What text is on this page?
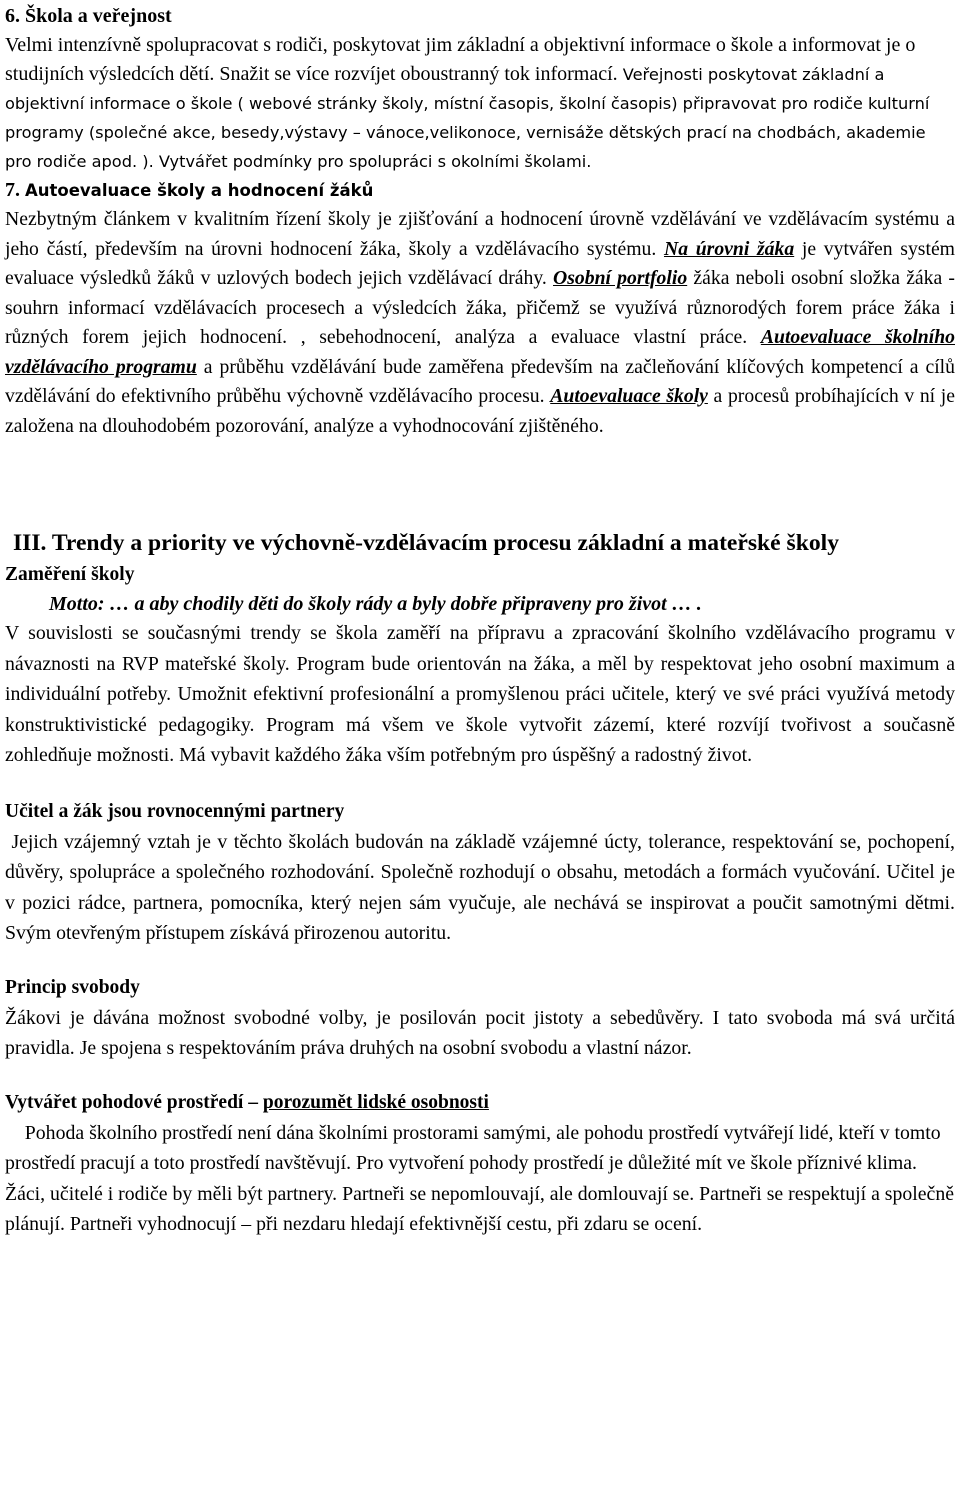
6. Škola a veřejnost

Velmi intenzívně spolupracovat s rodiči, poskytovat jim základní a objektivní informace o škole a informovat je o studijních výsledcích dětí. Snažit se více rozvíjet oboustranný tok informací. Veřejnosti poskytovat základní a objektivní informace o škole ( webové stránky školy, místní časopis, školní časopis) připravovat pro rodiče kulturní programy (společné akce, besedy,výstavy – vánoce,velikonoce, vernisáže dětských prací na chodbách, akademie pro rodiče apod. ). Vytvářet podmínky pro spolupráci s okolními školami.

7. Autoevaluace školy a hodnocení žáků

Nezbytným článkem v kvalitním řízení školy je zjišťování a hodnocení úrovně vzdělávání ve vzdělávacím systému a jeho částí, především na úrovni hodnocení žáka, školy a vzdělávacího systému. Na úrovni žáka je vytvářen systém evaluace výsledků žáků v uzlových bodech jejich vzdělávací dráhy. Osobní portfolio žáka neboli osobní složka žáka - souhrn informací vzdělávacích procesech a výsledcích žáka, přičemž se využívá různorodých forem práce žáka i různých forem jejich hodnocení. , sebehodnocení, analýza a evaluace vlastní práce. Autoevaluace školního vzdělávacího programu a průběhu vzdělávání bude zaměřena především na začleňování klíčových kompetencí a cílů vzdělávání do efektivního průběhu výchovně vzdělávacího procesu. Autoevaluace školy a procesů probíhajících v ní je založena na dlouhodobém pozorování, analýze a vyhodnocování zjištěného.

III. Trendy a priority ve výchovně-vzdělávacím procesu základní a mateřské školy
Zaměření školy

Motto: … a aby chodily děti do školy rády a byly dobře připraveny pro život … .

V souvislosti se současnými trendy se škola zaměří na přípravu a zpracování školního vzdělávacího programu v návaznosti na RVP mateřské školy. Program bude orientován na žáka, a měl by respektovat jeho osobní maximum a individuální potřeby. Umožnit efektivní profesionální a promyšlenou práci učitele, který ve své práci využívá metody konstruktivistické pedagogiky. Program má všem ve škole vytvořit zázemí, které rozvíjí tvořivost a současně zohledňuje možnosti. Má vybavit každého žáka vším potřebným pro úspěšný a radostný život.

Učitel a žák jsou rovnocennými partnery

Jejich vzájemný vztah je v těchto školách budován na základě vzájemné úcty, tolerance, respektování se, pochopení, důvěry, spolupráce a společného rozhodování. Společně rozhodují o obsahu, metodách a formách vyučování. Učitel je v pozici rádce, partnera, pomocníka, který nejen sám vyučuje, ale nechává se inspirovat a poučit samotnými dětmi. Svým otevřeným přístupem získává přirozenou autoritu.

Princip svobody

Žákovi je dávána možnost svobodné volby, je posilován pocit jistoty a sebedůvěry. I tato svoboda má svá určitá pravidla. Je spojena s respektováním práva druhých na osobní svobodu a vlastní názor.

Vytvářet pohodové prostředí – porozumět lidské osobnosti

Pohoda školního prostředí není dána školními prostorami samými, ale pohodu prostředí vytvářejí lidé, kteří v tomto prostředí pracují a toto prostředí navštěvují. Pro vytvoření pohody prostředí je důležité mít ve škole příznivé klima. Žáci, učitelé i rodiče by měli být partnery. Partneři se nepomlouvají, ale domlouvají se. Partneři se respektují a společně plánují. Partneři vyhodnocují – při nezdaru hledají efektivnější cestu, při zdaru se ocení.
